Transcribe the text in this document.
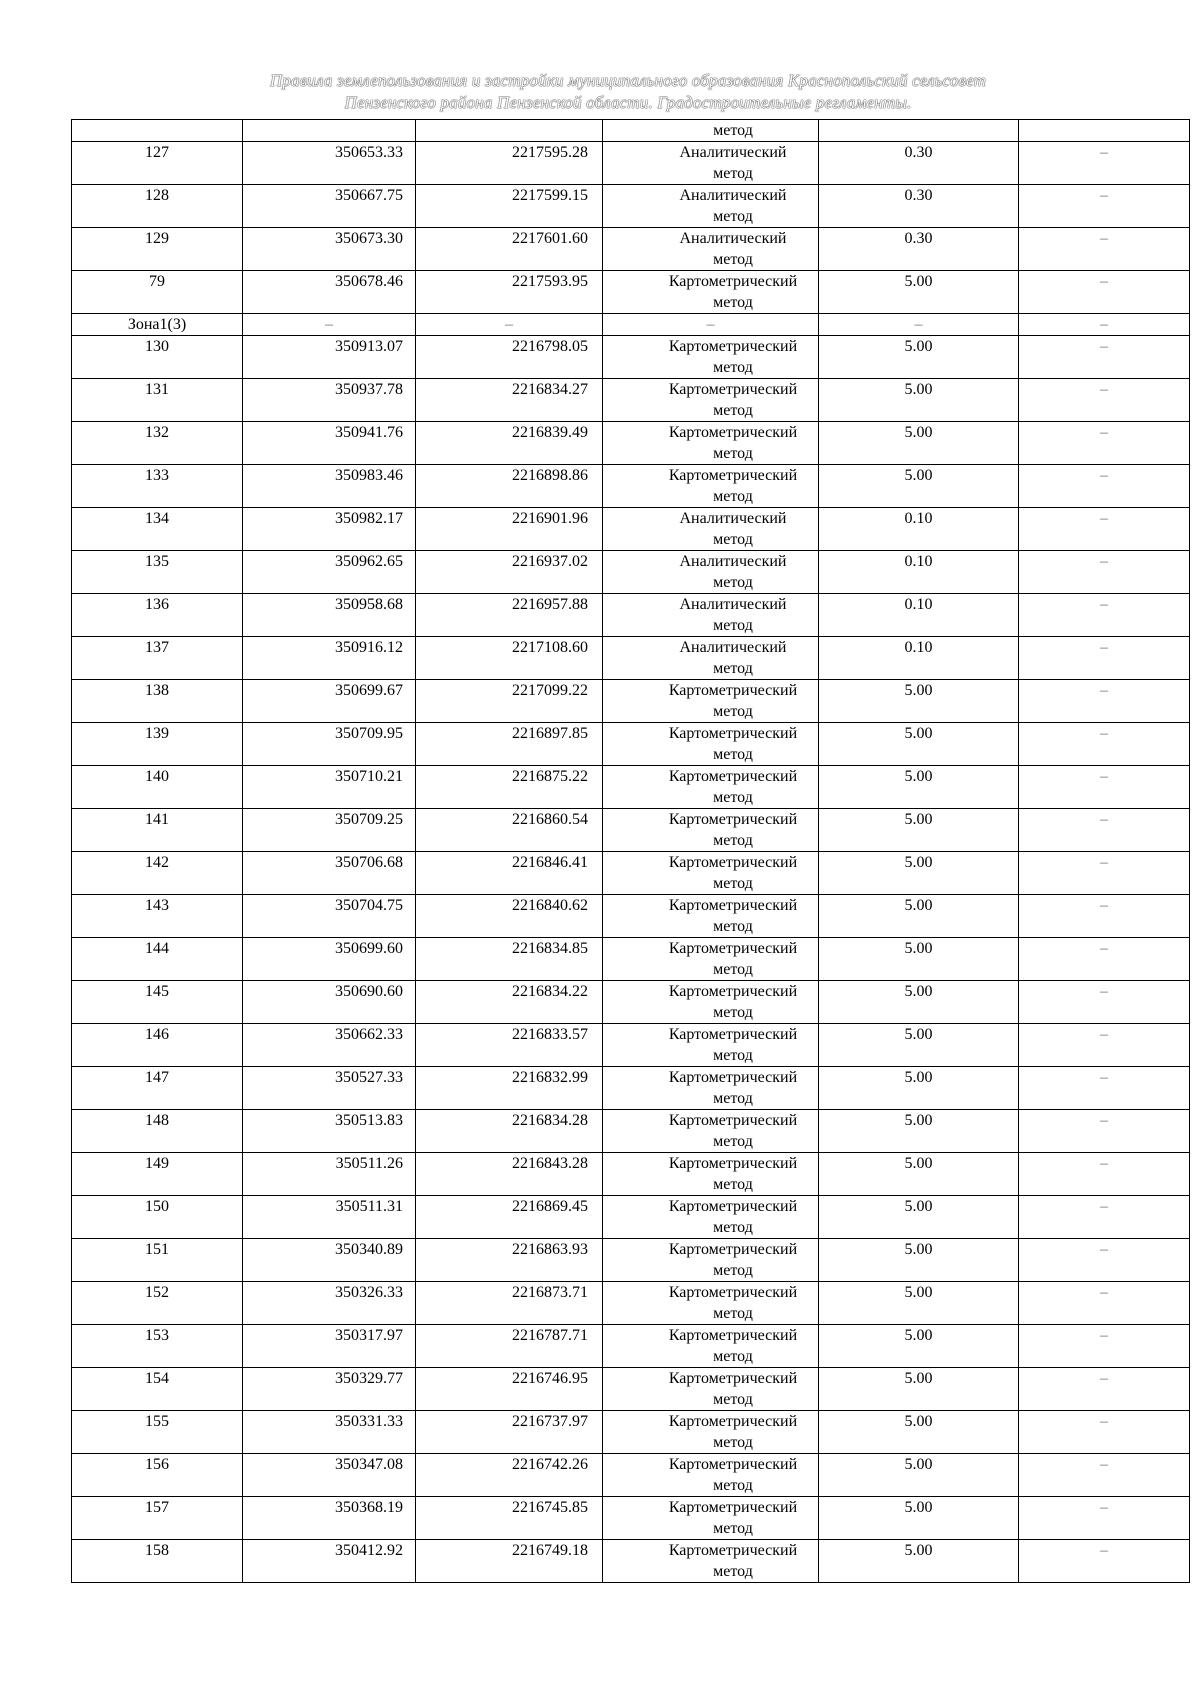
Правила землепользования и застройки муниципального образования Краснопольский сельсовет
Пензенского района Пензенской области. Градостроительные регламенты.
			метод		
127	350653.33	2217595.28	Аналитический метод	0.30	–
128	350667.75	2217599.15	Аналитический метод	0.30	–
129	350673.30	2217601.60	Аналитический метод	0.30	–
79	350678.46	2217593.95	Картометрический метод	5.00	–
Зона1(3)	–	–	–	–	–
130	350913.07	2216798.05	Картометрический метод	5.00	–
131	350937.78	2216834.27	Картометрический метод	5.00	–
132	350941.76	2216839.49	Картометрический метод	5.00	–
133	350983.46	2216898.86	Картометрический метод	5.00	–
134	350982.17	2216901.96	Аналитический метод	0.10	–
135	350962.65	2216937.02	Аналитический метод	0.10	–
136	350958.68	2216957.88	Аналитический метод	0.10	–
137	350916.12	2217108.60	Аналитический метод	0.10	–
138	350699.67	2217099.22	Картометрический метод	5.00	–
139	350709.95	2216897.85	Картометрический метод	5.00	–
140	350710.21	2216875.22	Картометрический метод	5.00	–
141	350709.25	2216860.54	Картометрический метод	5.00	–
142	350706.68	2216846.41	Картометрический метод	5.00	–
143	350704.75	2216840.62	Картометрический метод	5.00	–
144	350699.60	2216834.85	Картометрический метод	5.00	–
145	350690.60	2216834.22	Картометрический метод	5.00	–
146	350662.33	2216833.57	Картометрический метод	5.00	–
147	350527.33	2216832.99	Картометрический метод	5.00	–
148	350513.83	2216834.28	Картометрический метод	5.00	–
149	350511.26	2216843.28	Картометрический метод	5.00	–
150	350511.31	2216869.45	Картометрический метод	5.00	–
151	350340.89	2216863.93	Картометрический метод	5.00	–
152	350326.33	2216873.71	Картометрический метод	5.00	–
153	350317.97	2216787.71	Картометрический метод	5.00	–
154	350329.77	2216746.95	Картометрический метод	5.00	–
155	350331.33	2216737.97	Картометрический метод	5.00	–
156	350347.08	2216742.26	Картометрический метод	5.00	–
157	350368.19	2216745.85	Картометрический метод	5.00	–
158	350412.92	2216749.18	Картометрический метод	5.00	–
